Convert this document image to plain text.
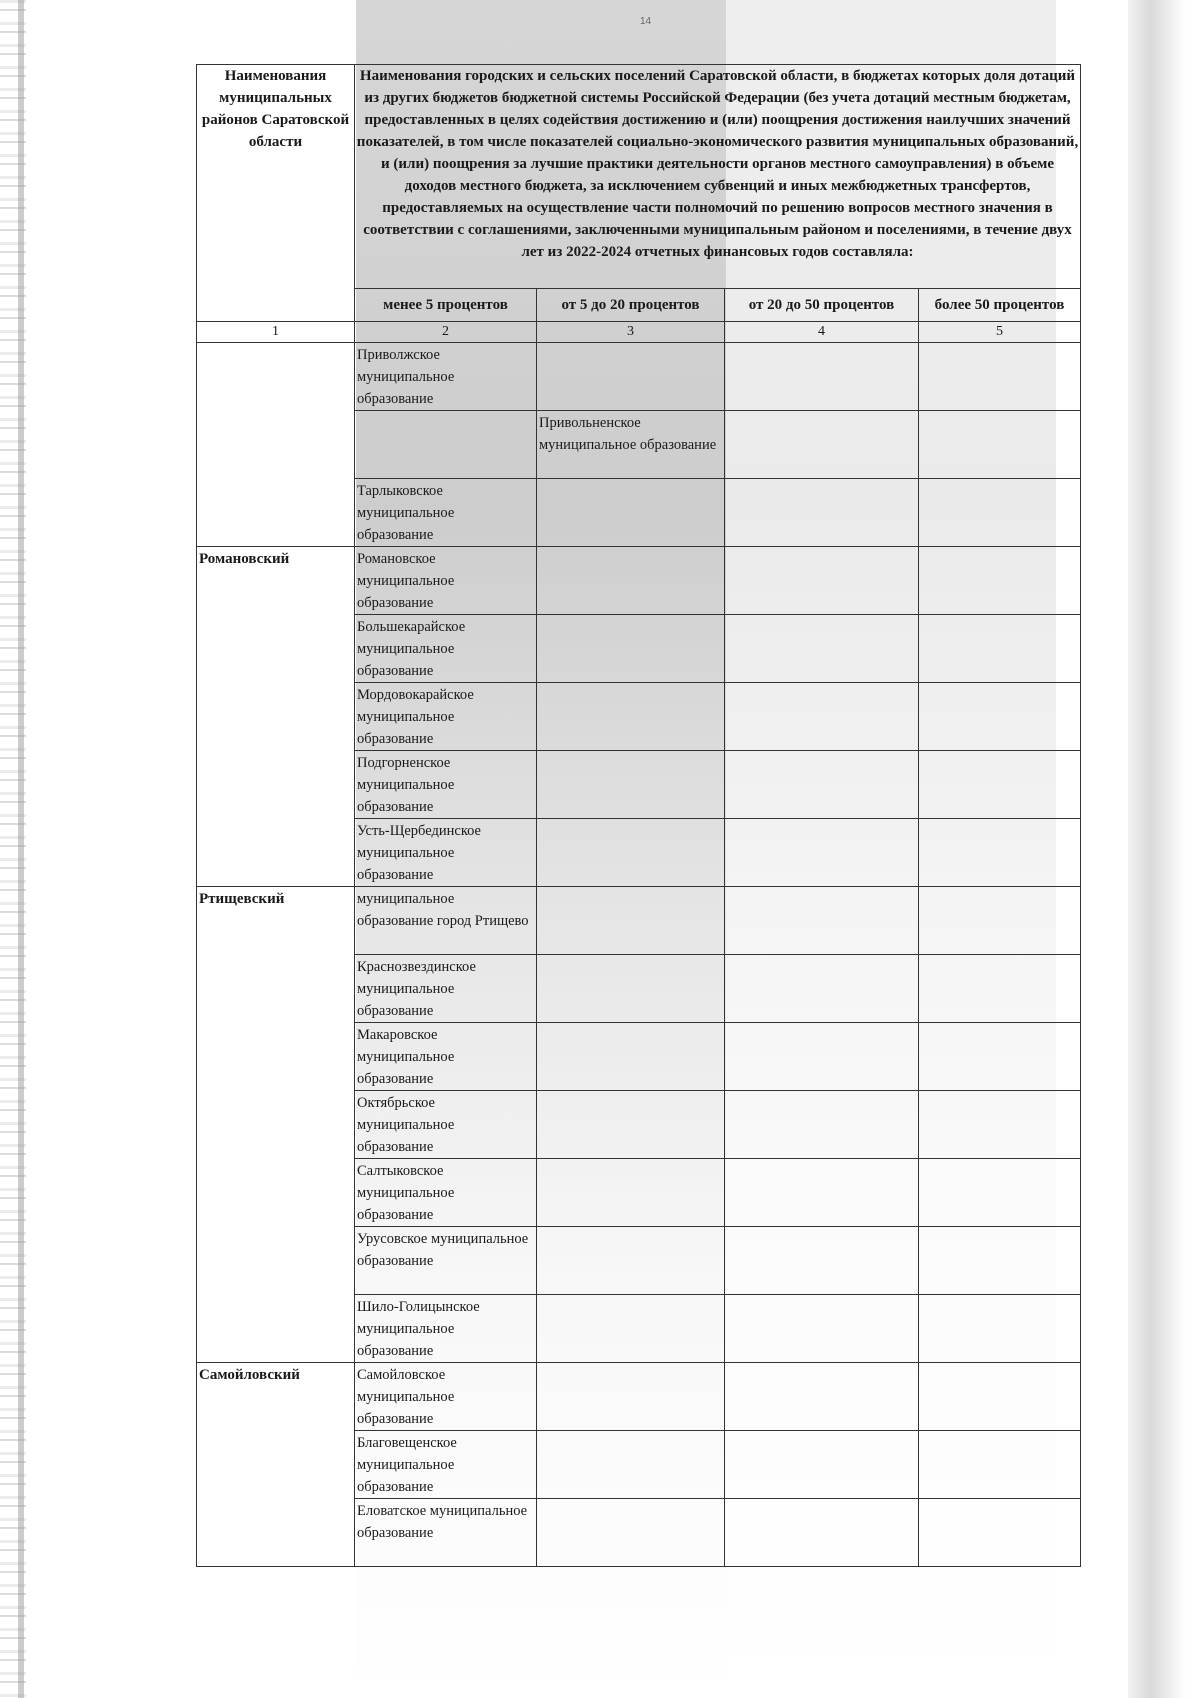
14
Наименования муниципальных районов Саратовской области	Наименования городских и сельских поселений Саратовской области, в бюджетах которых доля дотаций из других бюджетов бюджетной системы Российской Федерации (без учета дотаций местным бюджетам, предоставленных в целях содействия достижению и (или) поощрения достижения наилучших значений показателей, в том числе показателей социально-экономического развития муниципальных образований, и (или) поощрения за лучшие практики деятельности органов местного самоуправления) в объеме доходов местного бюджета, за исключением субвенций и иных межбюджетных трансфертов, предоставляемых на осуществление части полномочий по решению вопросов местного значения в соответствии с соглашениями, заключенными муниципальным районом и поселениями, в течение двух лет из 2022-2024 отчетных финансовых годов составляла:			
	менее 5 процентов	от 5 до 20 процентов	от 20 до 50 процентов	более 50 процентов
1	2	3	4	5
	Приволжское муниципальное образование			
		Привольненское муниципальное образование		
	Тарлыковское муниципальное образование			
Романовский	Романовское муниципальное образование			
	Большекарайское муниципальное образование			
	Мордовокарайское муниципальное образование			
	Подгорненское муниципальное образование			
	Усть-Щербединское муниципальное образование			
Ртищевский	муниципальное образование город Ртищево			
	Краснозвездинское муниципальное образование			
	Макаровское муниципальное образование			
	Октябрьское муниципальное образование			
	Салтыковское муниципальное образование			
	Урусовское муниципальное образование			
	Шило-Голицынское муниципальное образование			
Самойловский	Самойловское муниципальное образование			
	Благовещенское муниципальное образование			
	Еловатское муниципальное образование			
